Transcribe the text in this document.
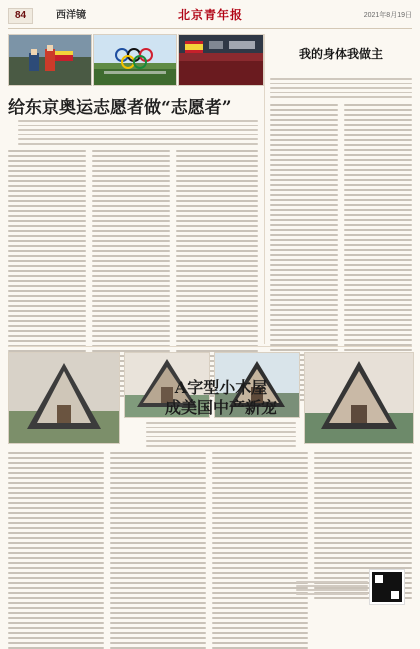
84	西洋镜	北京青年报	2021年8月19日
我的身体我做主
给东京奥运志愿者做“志愿者”
A字型小木屋
成美国中产新宠
